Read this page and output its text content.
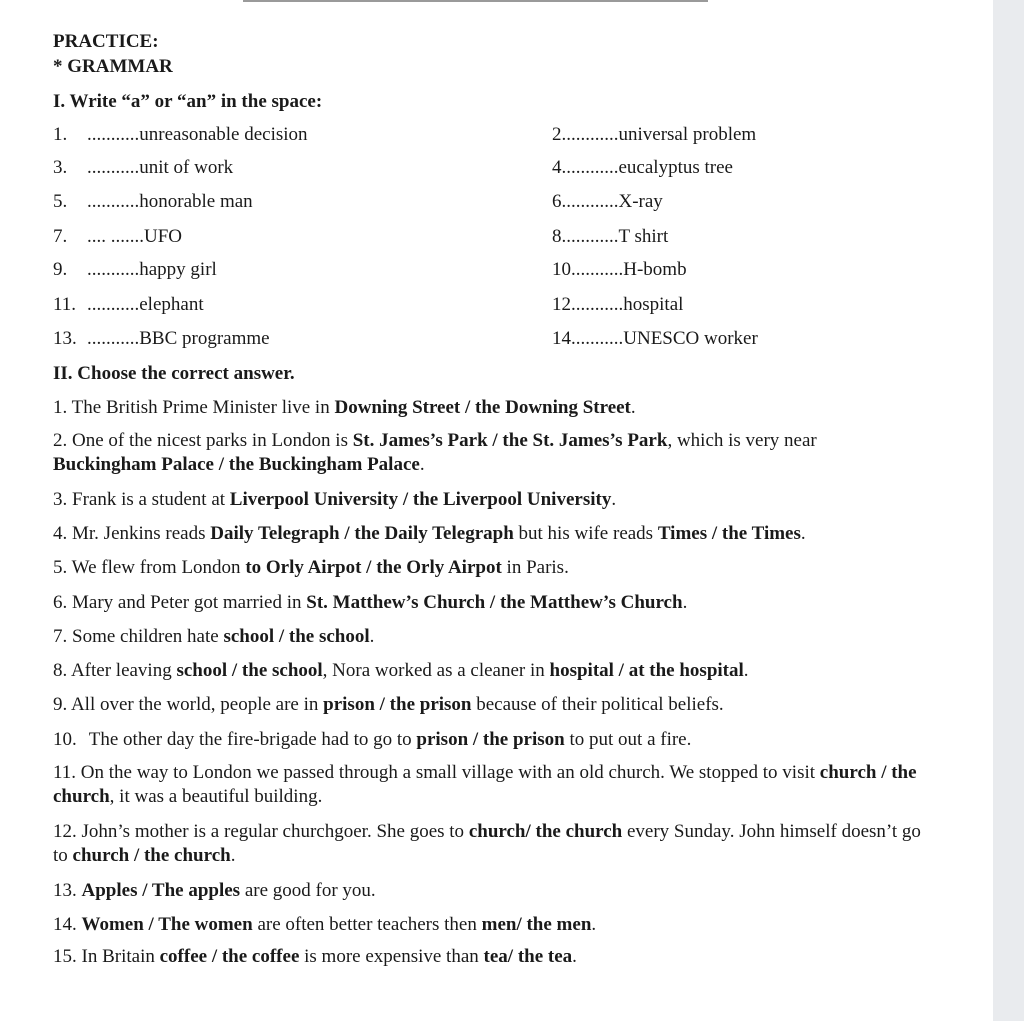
PRACTICE:
* GRAMMAR
I. Write “a” or “an” in the space:
1. ...........unreasonable decision
3. ...........unit of work
5. ...........honorable man
7. .... .......UFO
9. ...........happy girl
11. ...........elephant
13. ...........BBC programme
2............universal problem
4............eucalyptus tree
6............X-ray
8............T shirt
10...........H-bomb
12...........hospital
14...........UNESCO worker
II. Choose the correct answer.
1. The British Prime Minister live in Downing Street / the Downing Street.
2. One of the nicest parks in London is St. James’s Park / the St. James’s Park, which is very near
Buckingham Palace / the Buckingham Palace.
3. Frank is a student at Liverpool University / the Liverpool University.
4. Mr. Jenkins reads Daily Telegraph / the Daily Telegraph but his wife reads Times / the Times.
5. We flew from London to Orly Airpot / the Orly Airpot in Paris.
6. Mary and Peter got married in St. Matthew’s Church / the Matthew’s Church.
7. Some children hate school / the school.
8. After leaving school / the school, Nora worked as a cleaner in hospital / at the hospital.
9. All over the world, people are in prison / the prison because of their political beliefs.
10. The other day the fire-brigade had to go to prison / the prison to put out a fire.
11. On the way to London we passed through a small village with an old church. We stopped to visit church / the church, it was a beautiful building.
12. John’s mother is a regular churchgoer. She goes to church/ the church every Sunday. John himself doesn’t go to church / the church.
13. Apples / The apples are good for you.
14. Women / The women are often better teachers then men/ the men.
15. In Britain coffee / the coffee is more expensive than tea/ the tea.
